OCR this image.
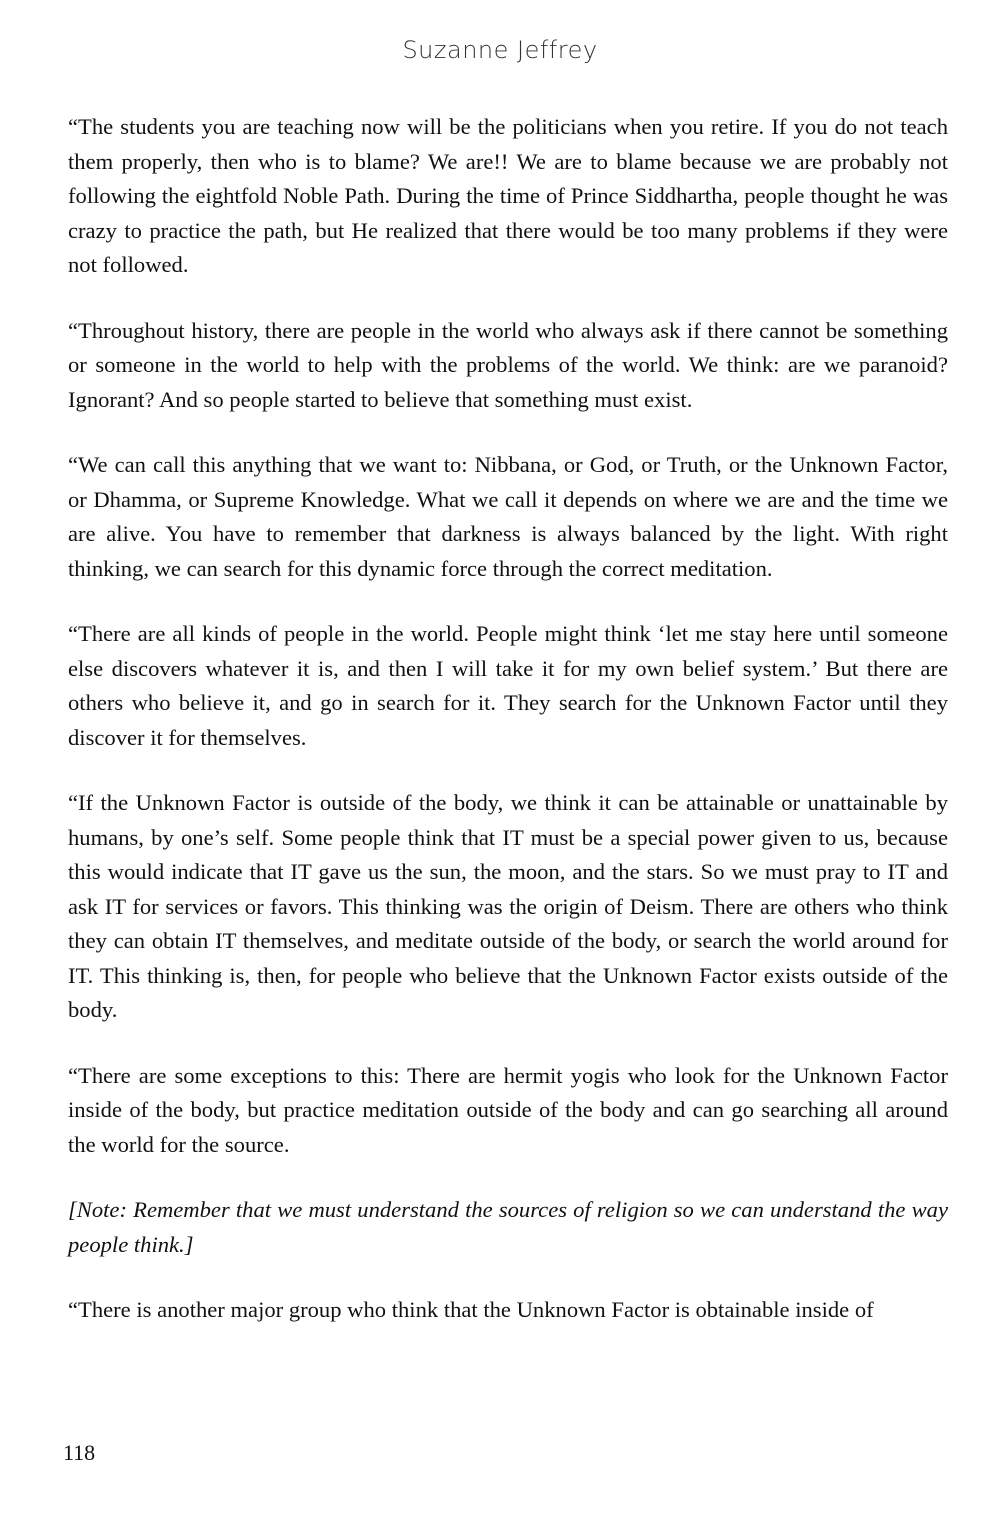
Suzanne Jeffrey

“The students you are teaching now will be the politicians when you retire. If you do not teach them properly, then who is to blame? We are!! We are to blame because we are probably not following the eightfold Noble Path. During the time of Prince Siddhartha, people thought he was crazy to practice the path, but He realized that there would be too many problems if they were not followed.

“Throughout history, there are people in the world who always ask if there cannot be something or someone in the world to help with the problems of the world. We think: are we paranoid? Ignorant? And so people started to believe that something must exist.

“We can call this anything that we want to: Nibbana, or God, or Truth, or the Unknown Factor, or Dhamma, or Supreme Knowledge. What we call it depends on where we are and the time we are alive. You have to remember that darkness is always balanced by the light. With right thinking, we can search for this dynamic force through the correct meditation.

“There are all kinds of people in the world. People might think ‘let me stay here until someone else discovers whatever it is, and then I will take it for my own belief system.’ But there are others who believe it, and go in search for it. They search for the Unknown Factor until they discover it for themselves.

“If the Unknown Factor is outside of the body, we think it can be attainable or unattainable by humans, by one’s self. Some people think that IT must be a special power given to us, because this would indicate that IT gave us the sun, the moon, and the stars. So we must pray to IT and ask IT for services or favors. This thinking was the origin of Deism. There are others who think they can obtain IT themselves, and meditate outside of the body, or search the world around for IT. This thinking is, then, for people who believe that the Unknown Factor exists outside of the body.

“There are some exceptions to this: There are hermit yogis who look for the Unknown Factor inside of the body, but practice meditation outside of the body and can go searching all around the world for the source.

[Note: Remember that we must understand the sources of religion so we can understand the way people think.]

“There is another major group who think that the Unknown Factor is obtainable inside of

118
